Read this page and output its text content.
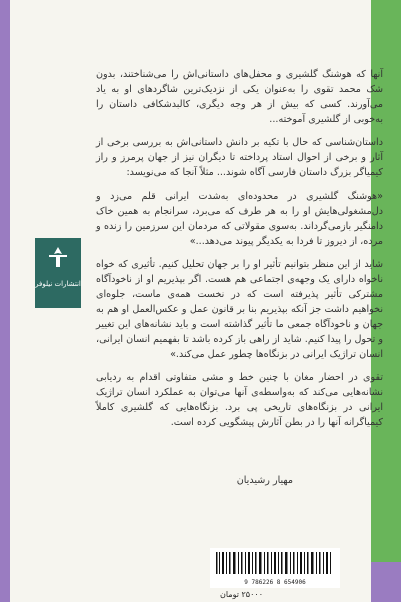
انتشارات نیلوفر

آنها که هوشنگ گلشیری و محفل‌های داستانی‌اش را می‌شناختند، بدون شک محمد تقوی را به‌عنوان یکی از نزدیک‌ترین شاگردهای او به یاد می‌آورند. کسی که بیش از هر وجه دیگری، کالبدشکافی داستان را به‌خوبی از گلشیری آموخته...

داستان‌شناسی که حال با تکیه بر دانش داستانی‌اش به بررسی برخی از آثار و برخی از احوال استاد پرداخته تا دیگران نیز از جهان پرمرز و راز کیمیاگر بزرگ داستان فارسی آگاه شوند... مثلاً آنجا که می‌نویسد:

«هوشنگ گلشیری در محدوده‌ای به‌شدت ایرانی قلم می‌زد و دل‌مشغولی‌هایش او را به هر طرف که می‌برد، سرانجام به همین خاک دامنگیر بازمی‌گرداند. به‌سوی مقولاتی که مردمان این سرزمین را زنده و مرده، از دیروز تا فردا به یکدیگر پیوند می‌دهد...»

شاید از این منظر بتوانیم تأثیر او را بر جهان تحلیل کنیم. تأثیری که خواه ناخواه دارای یک وجهه‌ی اجتماعی هم هست. اگر بپذیریم او از ناخودآگاه مشترکی تأثیر پذیرفته است که در نخست همه‌ی ماست، جلوه‌ای نخواهیم داشت جز آنکه بپذیریم بنا بر قانون عمل و عکس‌العمل او هم به جهان و ناخودآگاه جمعی ما تأثیر گذاشته است و باید نشانه‌های این تغییر و تحول را پیدا کنیم. شاید از راهی باز کرده باشد تا بفهمیم انسان ایرانی، انسان تراژیک ایرانی در بزنگاه‌ها چطور عمل می‌کند.»

تقوی در احضار مغان با چنین خط و مشی متفاوتی اقدام به ردیابی نشانه‌هایی می‌کند که به‌واسطه‌ی آنها می‌توان به عملکرد انسان تراژیک ایرانی در بزنگاه‌های تاریخی پی برد. بزنگاه‌هایی که گلشیری کاملاً کیمیاگرانه آنها را در بطن آثارش پیشگویی کرده است.

مهیار رشیدیان
9 786226 8 654906
۲۵۰۰۰ تومان
